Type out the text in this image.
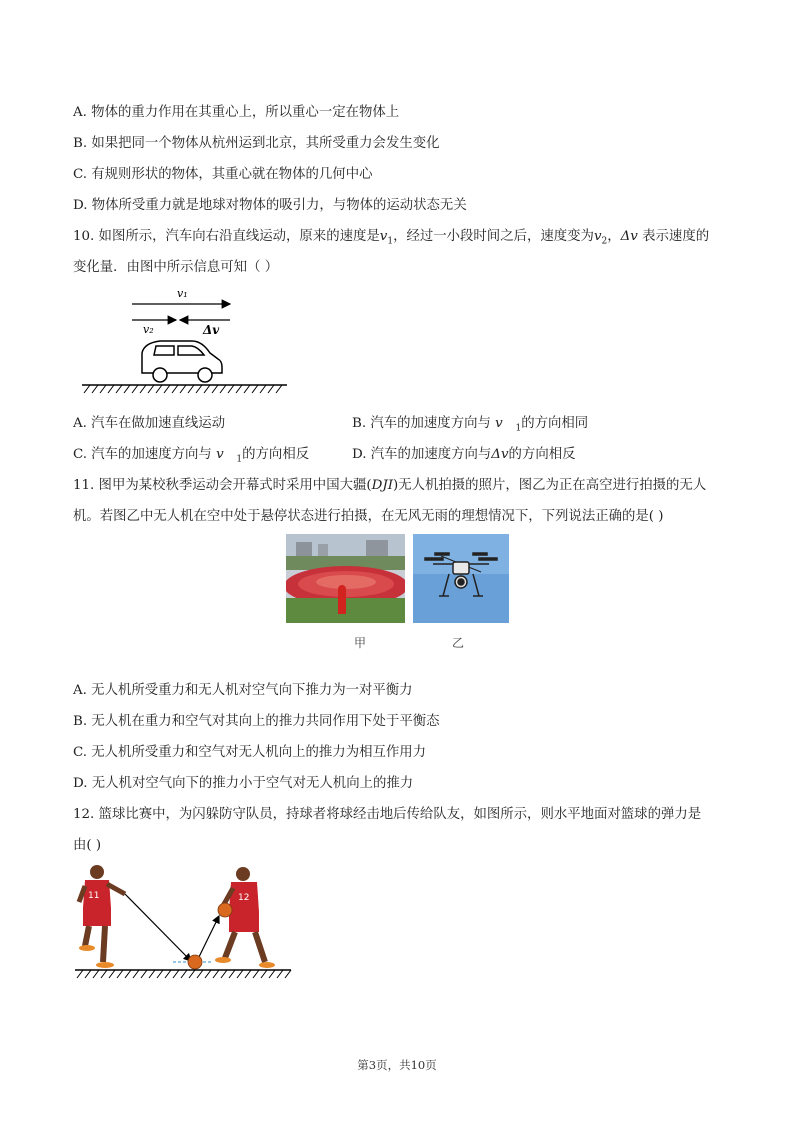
A. 物体的重力作用在其重心上，所以重心一定在物体上
B. 如果把同一个物体从杭州运到北京，其所受重力会发生变化
C. 有规则形状的物体，其重心就在物体的几何中心
D. 物体所受重力就是地球对物体的吸引力，与物体的运动状态无关
10. 如图所示，汽车向右沿直线运动，原来的速度是$v_1$，经过一小段时间之后，速度变为$v_2$，Δv 表示速度的
变化量．由图中所示信息可知（ ）
v₁
v₂	Δv
A. 汽车在做加速直线运动	B. 汽车的加速度方向与 v $_1$的方向相同
C. 汽车的加速度方向与 v $_1$的方向相反	D. 汽车的加速度方向与Δv的方向相反
11. 图甲为某校秋季运动会开幕式时采用中国大疆(DJI)无人机拍摄的照片，图乙为正在高空进行拍摄的无人
机。若图乙中无人机在空中处于悬停状态进行拍摄，在无风无雨的理想情况下，下列说法正确的是( )
甲	乙
A. 无人机所受重力和无人机对空气向下推力为一对平衡力
B. 无人机在重力和空气对其向上的推力共同作用下处于平衡态
C. 无人机所受重力和空气对无人机向上的推力为相互作用力
D. 无人机对空气向下的推力小于空气对无人机向上的推力
12. 篮球比赛中，为闪躲防守队员，持球者将球经击地后传给队友，如图所示，则水平地面对篮球的弹力是
由( )
11	12
第3页，共10页
